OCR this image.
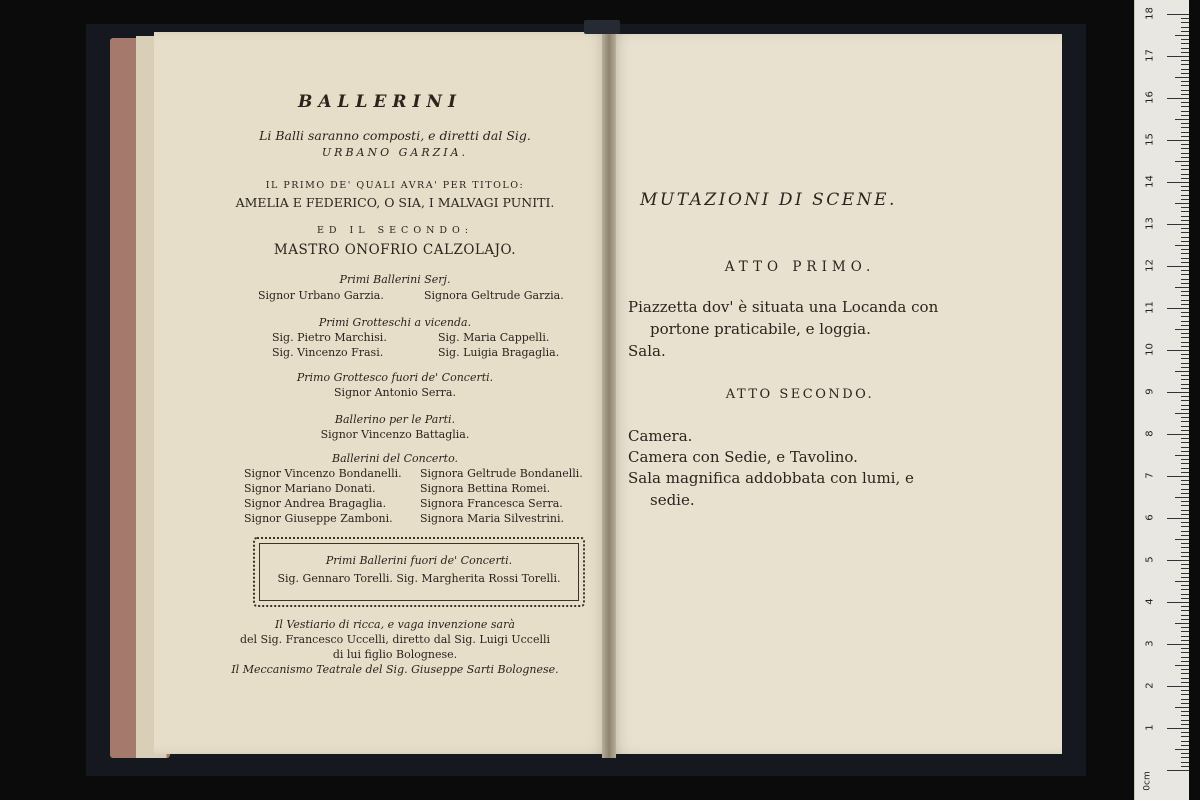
BALLERINI
Li Balli saranno composti, e diretti dal Sig.
URBANO GARZIA.
IL PRIMO DE' QUALI AVRA' PER TITOLO:
AMELIA E FEDERICO, O SIA, I MALVAGI PUNITI.
ED IL SECONDO:
MASTRO ONOFRIO CALZOLAJO.
Primi Ballerini Serj.
Signor Urbano Garzia.	Signora Geltrude Garzia.
Primi Grotteschi a vicenda.
Sig. Pietro Marchisi.	Sig. Maria Cappelli.
Sig. Vincenzo Frasi.	Sig. Luigia Bragaglia.
Primo Grottesco fuori de' Concerti.
Signor Antonio Serra.
Ballerino per le Parti.
Signor Vincenzo Battaglia.
Ballerini del Concerto.
Signor Vincenzo Bondanelli. Signora Geltrude Bondanelli.
Signor Mariano Donati.	Signora Bettina Romei.
Signor Andrea Bragaglia.	Signora Francesca Serra.
Signor Giuseppe Zamboni. Signora Maria Silvestrini.
Primi Ballerini fuori de' Concerti.
Sig. Gennaro Torelli. Sig. Margherita Rossi Torelli.
Il Vestiario di ricca, e vaga invenzione sarà
del Sig. Francesco Uccelli, diretto dal Sig. Luigi Uccelli
di lui figlio Bolognese.
Il Meccanismo Teatrale del Sig. Giuseppe Sarti Bolognese.
MUTAZIONI DI SCENE.
ATTO PRIMO.
Piazzetta dov' è situata una Locanda con
portone praticabile, e loggia.
Sala.
ATTO SECONDO.
Camera.
Camera con Sedie, e Tavolino.
Sala magnifica addobbata con lumi, e
sedie.
1
2
3
4
5
6
7
8
9
10
11
12
13
14
15
16
17
18
0cm
